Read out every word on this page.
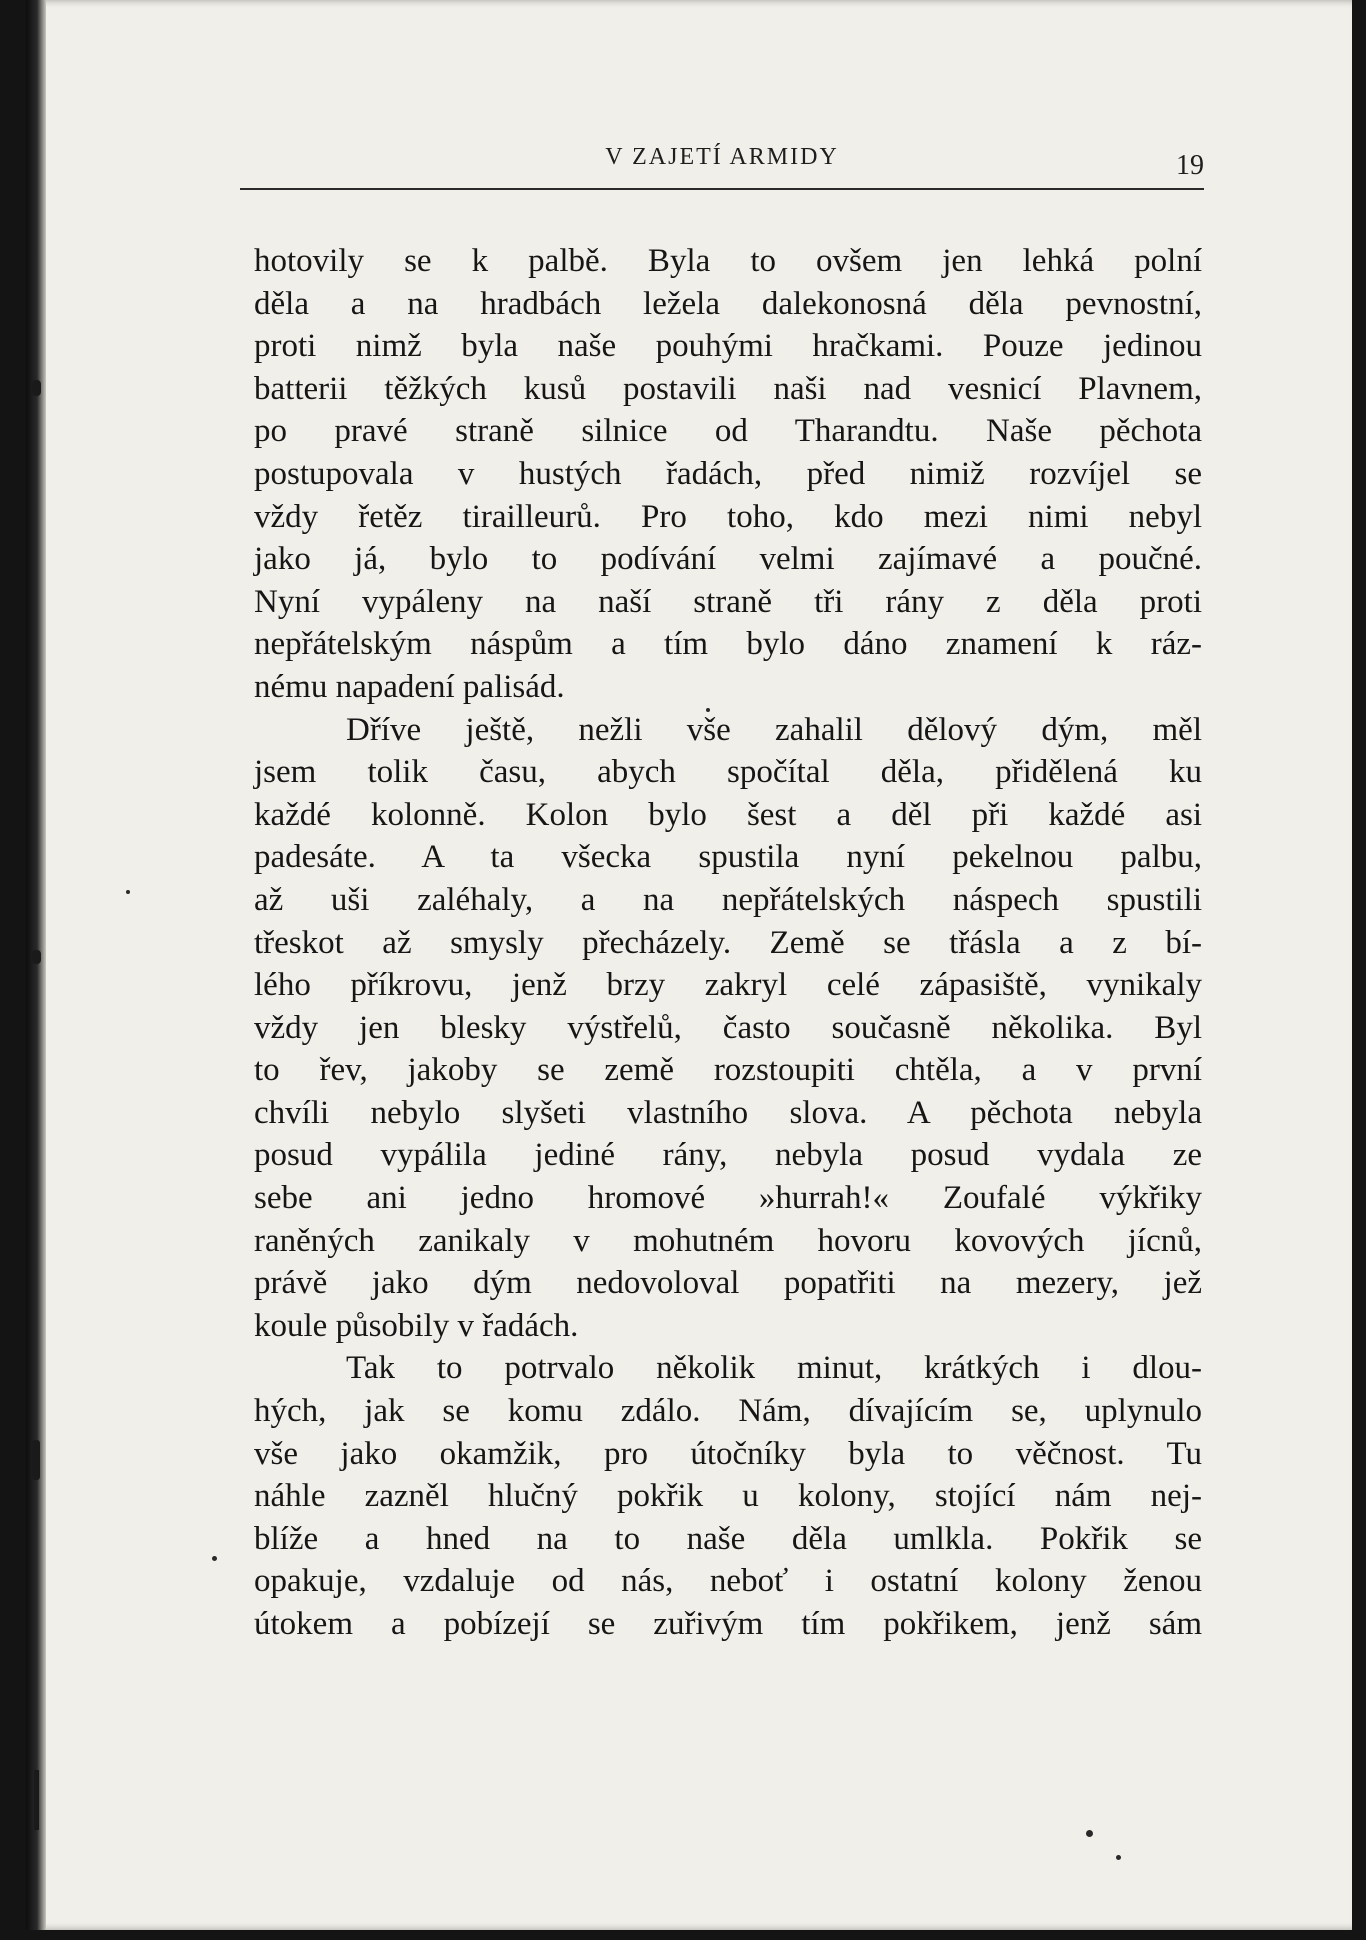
V ZAJETÍ ARMIDY	19
hotovily se k palbě. Byla to ovšem jen lehká polní
děla a na hradbách ležela dalekonosná děla pevnostní,
proti nimž byla naše pouhými hračkami. Pouze jedinou
batterii těžkých kusů postavili naši nad vesnicí Plavnem,
po pravé straně silnice od Tharandtu. Naše pěchota
postupovala v hustých řadách, před nimiž rozvíjel se
vždy řetěz tirailleurů. Pro toho, kdo mezi nimi nebyl
jako já, bylo to podívání velmi zajímavé a poučné.
Nyní vypáleny na naší straně tři rány z děla proti
nepřátelským náspům a tím bylo dáno znamení k ráz-
nému napadení palisád.
Dříve ještě, nežli vše zahalil dělový dým, měl
jsem tolik času, abych spočítal děla, přidělená ku
každé kolonně. Kolon bylo šest a děl při každé asi
padesáte. A ta všecka spustila nyní pekelnou palbu,
až uši zaléhaly, a na nepřátelských náspech spustili
třeskot až smysly přecházely. Země se třásla a z bí-
lého příkrovu, jenž brzy zakryl celé zápasiště, vynikaly
vždy jen blesky výstřelů, často současně několika. Byl
to řev, jakoby se země rozstoupiti chtěla, a v první
chvíli nebylo slyšeti vlastního slova. A pěchota nebyla
posud vypálila jediné rány, nebyla posud vydala ze
sebe ani jedno hromové »hurrah!« Zoufalé výkřiky
raněných zanikaly v mohutném hovoru kovových jícnů,
právě jako dým nedovoloval popatřiti na mezery, jež
koule působily v řadách.
Tak to potrvalo několik minut, krátkých i dlou-
hých, jak se komu zdálo. Nám, dívajícím se, uplynulo
vše jako okamžik, pro útočníky byla to věčnost. Tu
náhle zazněl hlučný pokřik u kolony, stojící nám nej-
blíže a hned na to naše děla umlkla. Pokřik se
opakuje, vzdaluje od nás, neboť i ostatní kolony ženou
útokem a pobízejí se zuřivým tím pokřikem, jenž sám
